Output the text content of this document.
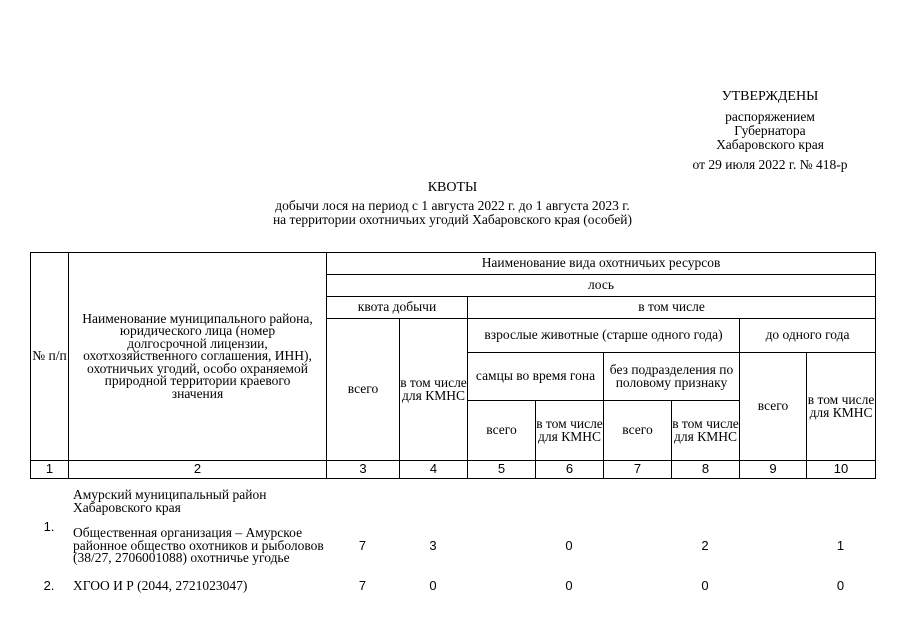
УТВЕРЖДЕНЫ
распоряжением
Губернатора
Хабаровского края
от 29 июля 2022 г. № 418-р
КВОТЫ
добычи лося на период с 1 августа 2022 г. до 1 августа 2023 г.
на территории охотничьих угодий Хабаровского края (особей)
№ п/п	Наименование муниципального района, юридического лица (номер долгосрочной лицензии, охотхозяйственного соглашения, ИНН), охотничьих угодий, особо охраняемой природной территории краевого значения	Наименование вида охотничьих ресурсов							
		лось							
		квота добычи		в том числе					
		всего	в том числе для КМНС	взрослые животные (старше одного года)				до одного года	
				самцы во время гона		без подразделения по половому признаку		всего	в том числе для КМНС
				всего	в том числе для КМНС	всего	в том числе для КМНС		
1	2	3	4	5	6	7	8	9	10
	Амурский муниципальный район Хабаровского края								
1.	Общественная организация – Амурское районное общество охотников и рыболовов (38/27, 2706001088) охотничье угодье	7	3		0		2		1
2.	ХГОО И Р (2044, 2721023047)	7	0		0		0		0
